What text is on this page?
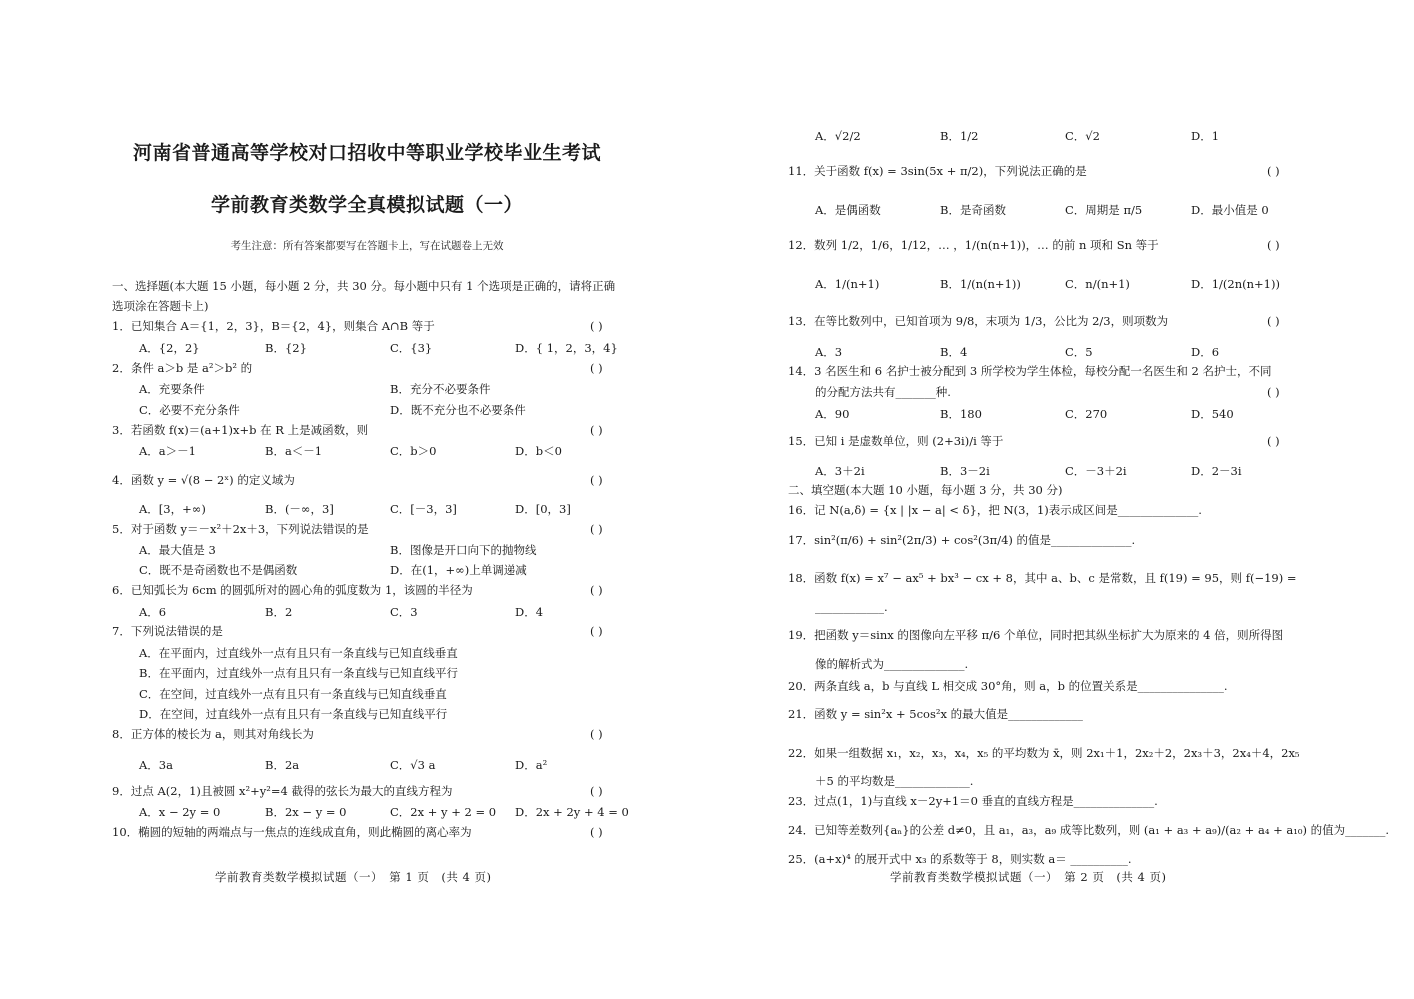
河南省普通高等学校对口招收中等职业学校毕业生考试
学前教育类数学全真模拟试题（一）
考生注意：所有答案都要写在答题卡上，写在试题卷上无效
一、选择题(本大题 15 小题，每小题 2 分，共 30 分。每小题中只有 1 个选项是正确的，请将正确选项涂在答题卡上)
1．已知集合 A＝{1，2，3}，B＝{2，4}，则集合 A∩B 等于	( )
A．{2，2}	B．{2}	C．{3}	D．{ 1，2，3，4}
2．条件 a＞b 是 a²＞b² 的	( )
A．充要条件	B．充分不必要条件
C．必要不充分条件	D．既不充分也不必要条件
3．若函数 f(x)＝(a+1)x+b 在 R 上是减函数，则	( )
A．a＞－1	B．a＜－1	C．b＞0	D．b＜0
4．函数 y = √(8 − 2ˣ) 的定义域为	( )
A．[3，+∞)	B．(－∞，3]	C．[－3，3]	D．[0，3]
5．对于函数 y＝－x²＋2x＋3，下列说法错误的是	( )
A．最大值是 3	B．图像是开口向下的抛物线
C．既不是奇函数也不是偶函数	D．在(1，+∞)上单调递减
6．已知弧长为 6cm 的圆弧所对的圆心角的弧度数为 1，该圆的半径为	( )
A．6	B．2	C．3	D．4
7．下列说法错误的是	( )
A．在平面内，过直线外一点有且只有一条直线与已知直线垂直
B．在平面内，过直线外一点有且只有一条直线与已知直线平行
C．在空间，过直线外一点有且只有一条直线与已知直线垂直
D．在空间，过直线外一点有且只有一条直线与已知直线平行
8．正方体的棱长为 a，则其对角线长为	( )
A．3a	B．2a	C．√3 a	D．a²
9．过点 A(2，1)且被圆 x²+y²=4 截得的弦长为最大的直线方程为	( )
A．x − 2y = 0	B．2x − y = 0	C．2x + y + 2 = 0 D．2x + 2y + 4 = 0
10．椭圆的短轴的两端点与一焦点的连线成直角，则此椭圆的离心率为	( )
学前教育类数学模拟试题（一）　第 1 页　(共 4 页)
A．√2/2	B．1/2	C．√2	D．1
11．关于函数 f(x) = 3sin(5x + π/2)，下列说法正确的是	( )
A．是偶函数	B．是奇函数	C．周期是 π/5	D．最小值是 0
12．数列 1/2，1/6，1/12，… ，1/(n(n+1))，… 的前 n 项和 Sn 等于	( )
A．1/(n+1)	B．1/(n(n+1))	C．n/(n+1)	D．1/(2n(n+1))
13．在等比数列中，已知首项为 9/8，末项为 1/3，公比为 2/3，则项数为	( )
A．3	B．4	C．5	D．6
14．3 名医生和 6 名护士被分配到 3 所学校为学生体检，每校分配一名医生和 2 名护士，不同
的分配方法共有_______种.	( )
A．90	B．180	C．270	D．540
15．已知 i 是虚数单位，则 (2+3i)/i 等于	( )
A．3＋2i	B．3－2i	C．－3＋2i	D．2－3i
二、填空题(本大题 10 小题，每小题 3 分，共 30 分)
16．记 N(a,δ) = {x | |x − a| < δ}，把 N(3，1)表示成区间是______________.
17．sin²(π/6) + sin²(2π/3) + cos²(3π/4) 的值是______________.
18．函数 f(x) = x⁷ − ax⁵ + bx³ − cx + 8，其中 a、b、c 是常数，且 f(19) = 95，则 f(−19) =
____________.
19．把函数 y＝sinx 的图像向左平移 π/6 个单位，同时把其纵坐标扩大为原来的 4 倍，则所得图
像的解析式为______________.
20．两条直线 a，b 与直线 L 相交成 30°角，则 a，b 的位置关系是_______________.
21．函数 y = sin²x + 5cos²x 的最大值是_____________
22．如果一组数据 x₁，x₂，x₃，x₄，x₅ 的平均数为 x̄，则 2x₁＋1，2x₂＋2，2x₃＋3，2x₄＋4，2x₅
＋5 的平均数是_____________.
23．过点(1，1)与直线 x－2y+1＝0 垂直的直线方程是______________.
24．已知等差数列{aₙ}的公差 d≠0，且 a₁，a₃，a₉ 成等比数列，则 (a₁ + a₃ + a₉)/(a₂ + a₄ + a₁₀) 的值为_______.
25．(a+x)⁴ 的展开式中 x₃ 的系数等于 8，则实数 a＝ __________.
学前教育类数学模拟试题（一）　第 2 页　(共 4 页)
